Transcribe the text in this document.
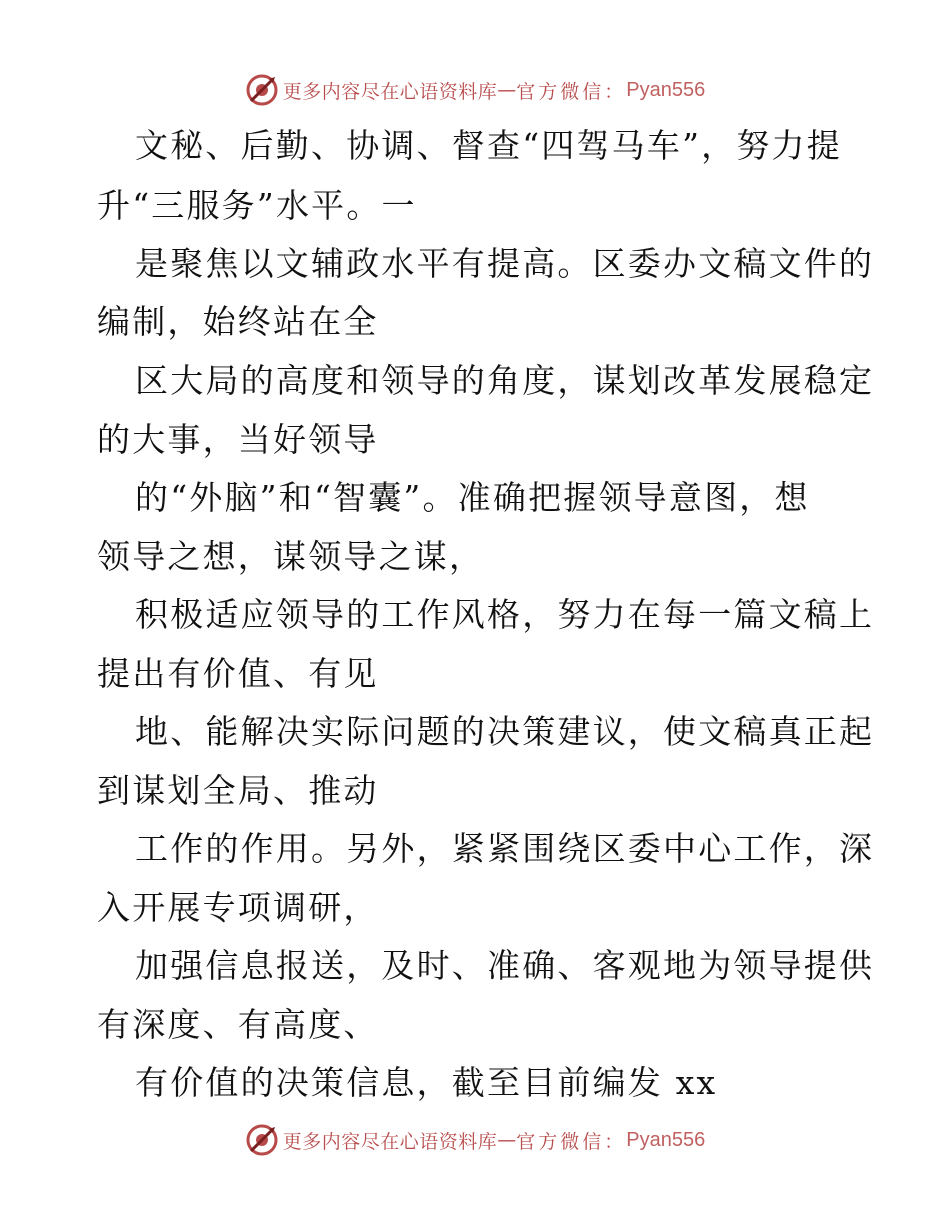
更多内容尽在心语资料库 — 官方微信： Pyan556
文秘、后勤、协调、督查“四驾马车”，努力提
升“三服务”水平。一
是聚焦以文辅政水平有提高。区委办文稿文件的
编制，始终站在全
区大局的高度和领导的角度，谋划改革发展稳定
的大事，当好领导
的“外脑”和“智囊”。准确把握领导意图，想
领导之想，谋领导之谋，
积极适应领导的工作风格，努力在每一篇文稿上
提出有价值、有见
地、能解决实际问题的决策建议，使文稿真正起
到谋划全局、推动
工作的作用。另外，紧紧围绕区委中心工作，深
入开展专项调研，
加强信息报送，及时、准确、客观地为领导提供
有深度、有高度、
有价值的决策信息，截至目前编发 xx
更多内容尽在心语资料库 — 官方微信： Pyan556
